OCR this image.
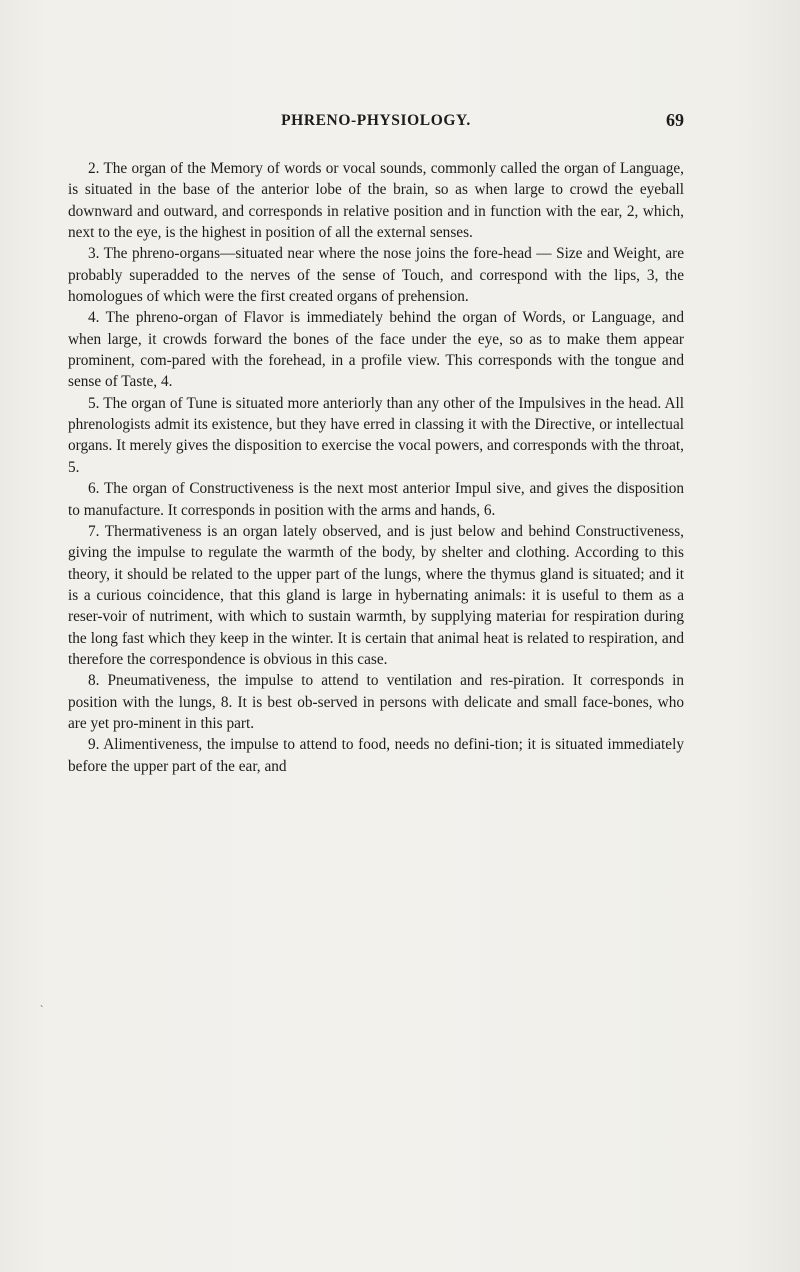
PHRENO-PHYSIOLOGY.	69

2. The organ of the Memory of words or vocal sounds, commonly called the organ of Language, is situated in the base of the anterior lobe of the brain, so as when large to crowd the eyeball downward and outward, and corresponds in relative position and in function with the ear, 2, which, next to the eye, is the highest in position of all the external senses.

3. The phreno-organs—situated near where the nose joins the fore-head — Size and Weight, are probably superadded to the nerves of the sense of Touch, and correspond with the lips, 3, the homologues of which were the first created organs of prehension.

4. The phreno-organ of Flavor is immediately behind the organ of Words, or Language, and when large, it crowds forward the bones of the face under the eye, so as to make them appear prominent, com-pared with the forehead, in a profile view. This corresponds with the tongue and sense of Taste, 4.

5. The organ of Tune is situated more anteriorly than any other of the Impulsives in the head. All phrenologists admit its existence, but they have erred in classing it with the Directive, or intellectual organs. It merely gives the disposition to exercise the vocal powers, and corresponds with the throat, 5.

6. The organ of Constructiveness is the next most anterior Impul sive, and gives the disposition to manufacture. It corresponds in position with the arms and hands, 6.

7. Thermativeness is an organ lately observed, and is just below and behind Constructiveness, giving the impulse to regulate the warmth of the body, by shelter and clothing. According to this theory, it should be related to the upper part of the lungs, where the thymus gland is situated; and it is a curious coincidence, that this gland is large in hybernating animals: it is useful to them as a reser-voir of nutriment, with which to sustain warmth, by supplying materiaı for respiration during the long fast which they keep in the winter. It is certain that animal heat is related to respiration, and therefore the correspondence is obvious in this case.

8. Pneumativeness, the impulse to attend to ventilation and res-piration. It corresponds in position with the lungs, 8. It is best ob-served in persons with delicate and small face-bones, who are yet pro-minent in this part.

9. Alimentiveness, the impulse to attend to food, needs no defini-tion; it is situated immediately before the upper part of the ear, and

ˋ
